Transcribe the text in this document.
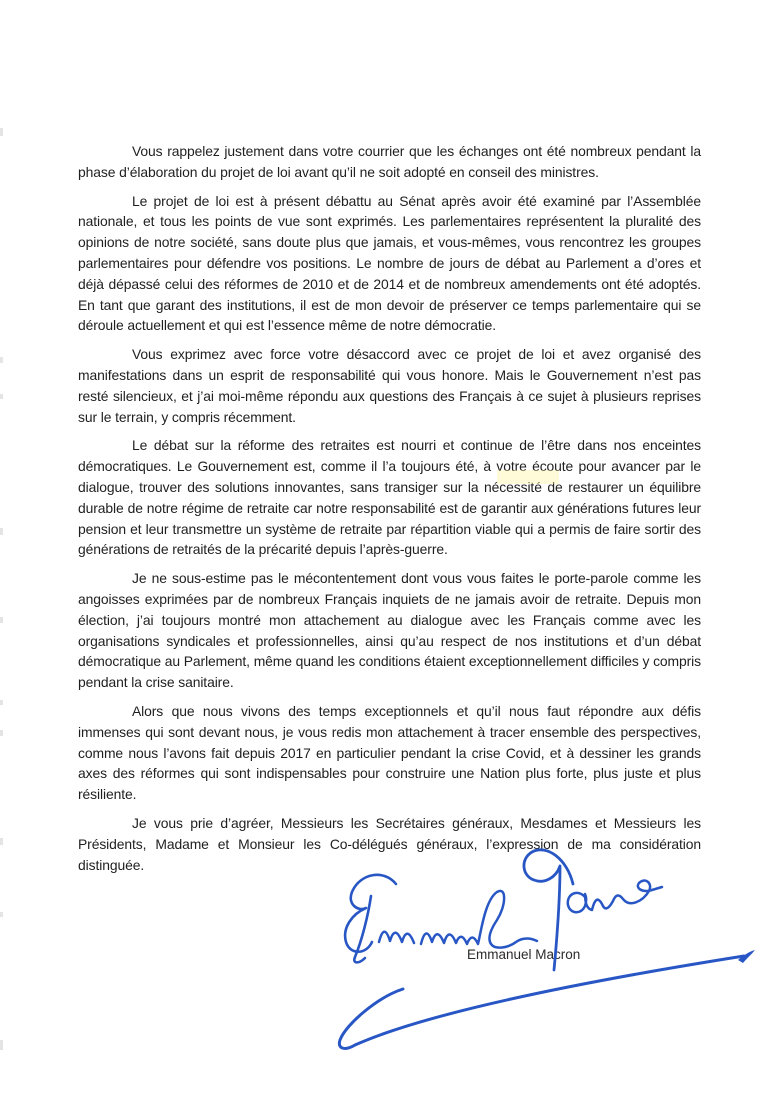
Vous rappelez justement dans votre courrier que les échanges ont été nombreux pendant la phase d’élaboration du projet de loi avant qu’il ne soit adopté en conseil des ministres.

Le projet de loi est à présent débattu au Sénat après avoir été examiné par l’Assemblée nationale, et tous les points de vue sont exprimés. Les parlementaires représentent la pluralité des opinions de notre société, sans doute plus que jamais, et vous-mêmes, vous rencontrez les groupes parlementaires pour défendre vos positions. Le nombre de jours de débat au Parlement a d’ores et déjà dépassé celui des réformes de 2010 et de 2014 et de nombreux amendements ont été adoptés. En tant que garant des institutions, il est de mon devoir de préserver ce temps parlementaire qui se déroule actuellement et qui est l’essence même de notre démocratie.

Vous exprimez avec force votre désaccord avec ce projet de loi et avez organisé des manifestations dans un esprit de responsabilité qui vous honore. Mais le Gouvernement n’est pas resté silencieux, et j’ai moi-même répondu aux questions des Français à ce sujet à plusieurs reprises sur le terrain, y compris récemment.

Le débat sur la réforme des retraites est nourri et continue de l’être dans nos enceintes démocratiques. Le Gouvernement est, comme il l’a toujours été, à votre écoute pour avancer par le dialogue, trouver des solutions innovantes, sans transiger sur la nécessité de restaurer un équilibre durable de notre régime de retraite car notre responsabilité est de garantir aux générations futures leur pension et leur transmettre un système de retraite par répartition viable qui a permis de faire sortir des générations de retraités de la précarité depuis l’après-guerre.

Je ne sous-estime pas le mécontentement dont vous vous faites le porte-parole comme les angoisses exprimées par de nombreux Français inquiets de ne jamais avoir de retraite. Depuis mon élection, j’ai toujours montré mon attachement au dialogue avec les Français comme avec les organisations syndicales et professionnelles, ainsi qu’au respect de nos institutions et d’un débat démocratique au Parlement, même quand les conditions étaient exceptionnellement difficiles y compris pendant la crise sanitaire.

Alors que nous vivons des temps exceptionnels et qu’il nous faut répondre aux défis immenses qui sont devant nous, je vous redis mon attachement à tracer ensemble des perspectives, comme nous l’avons fait depuis 2017 en particulier pendant la crise Covid, et à dessiner les grands axes des réformes qui sont indispensables pour construire une Nation plus forte, plus juste et plus résiliente.

Je vous prie d’agréer, Messieurs les Secrétaires généraux, Mesdames et Messieurs les Présidents, Madame et Monsieur les Co-délégués généraux, l’expression de ma considération distinguée.

Emmanuel Macron
